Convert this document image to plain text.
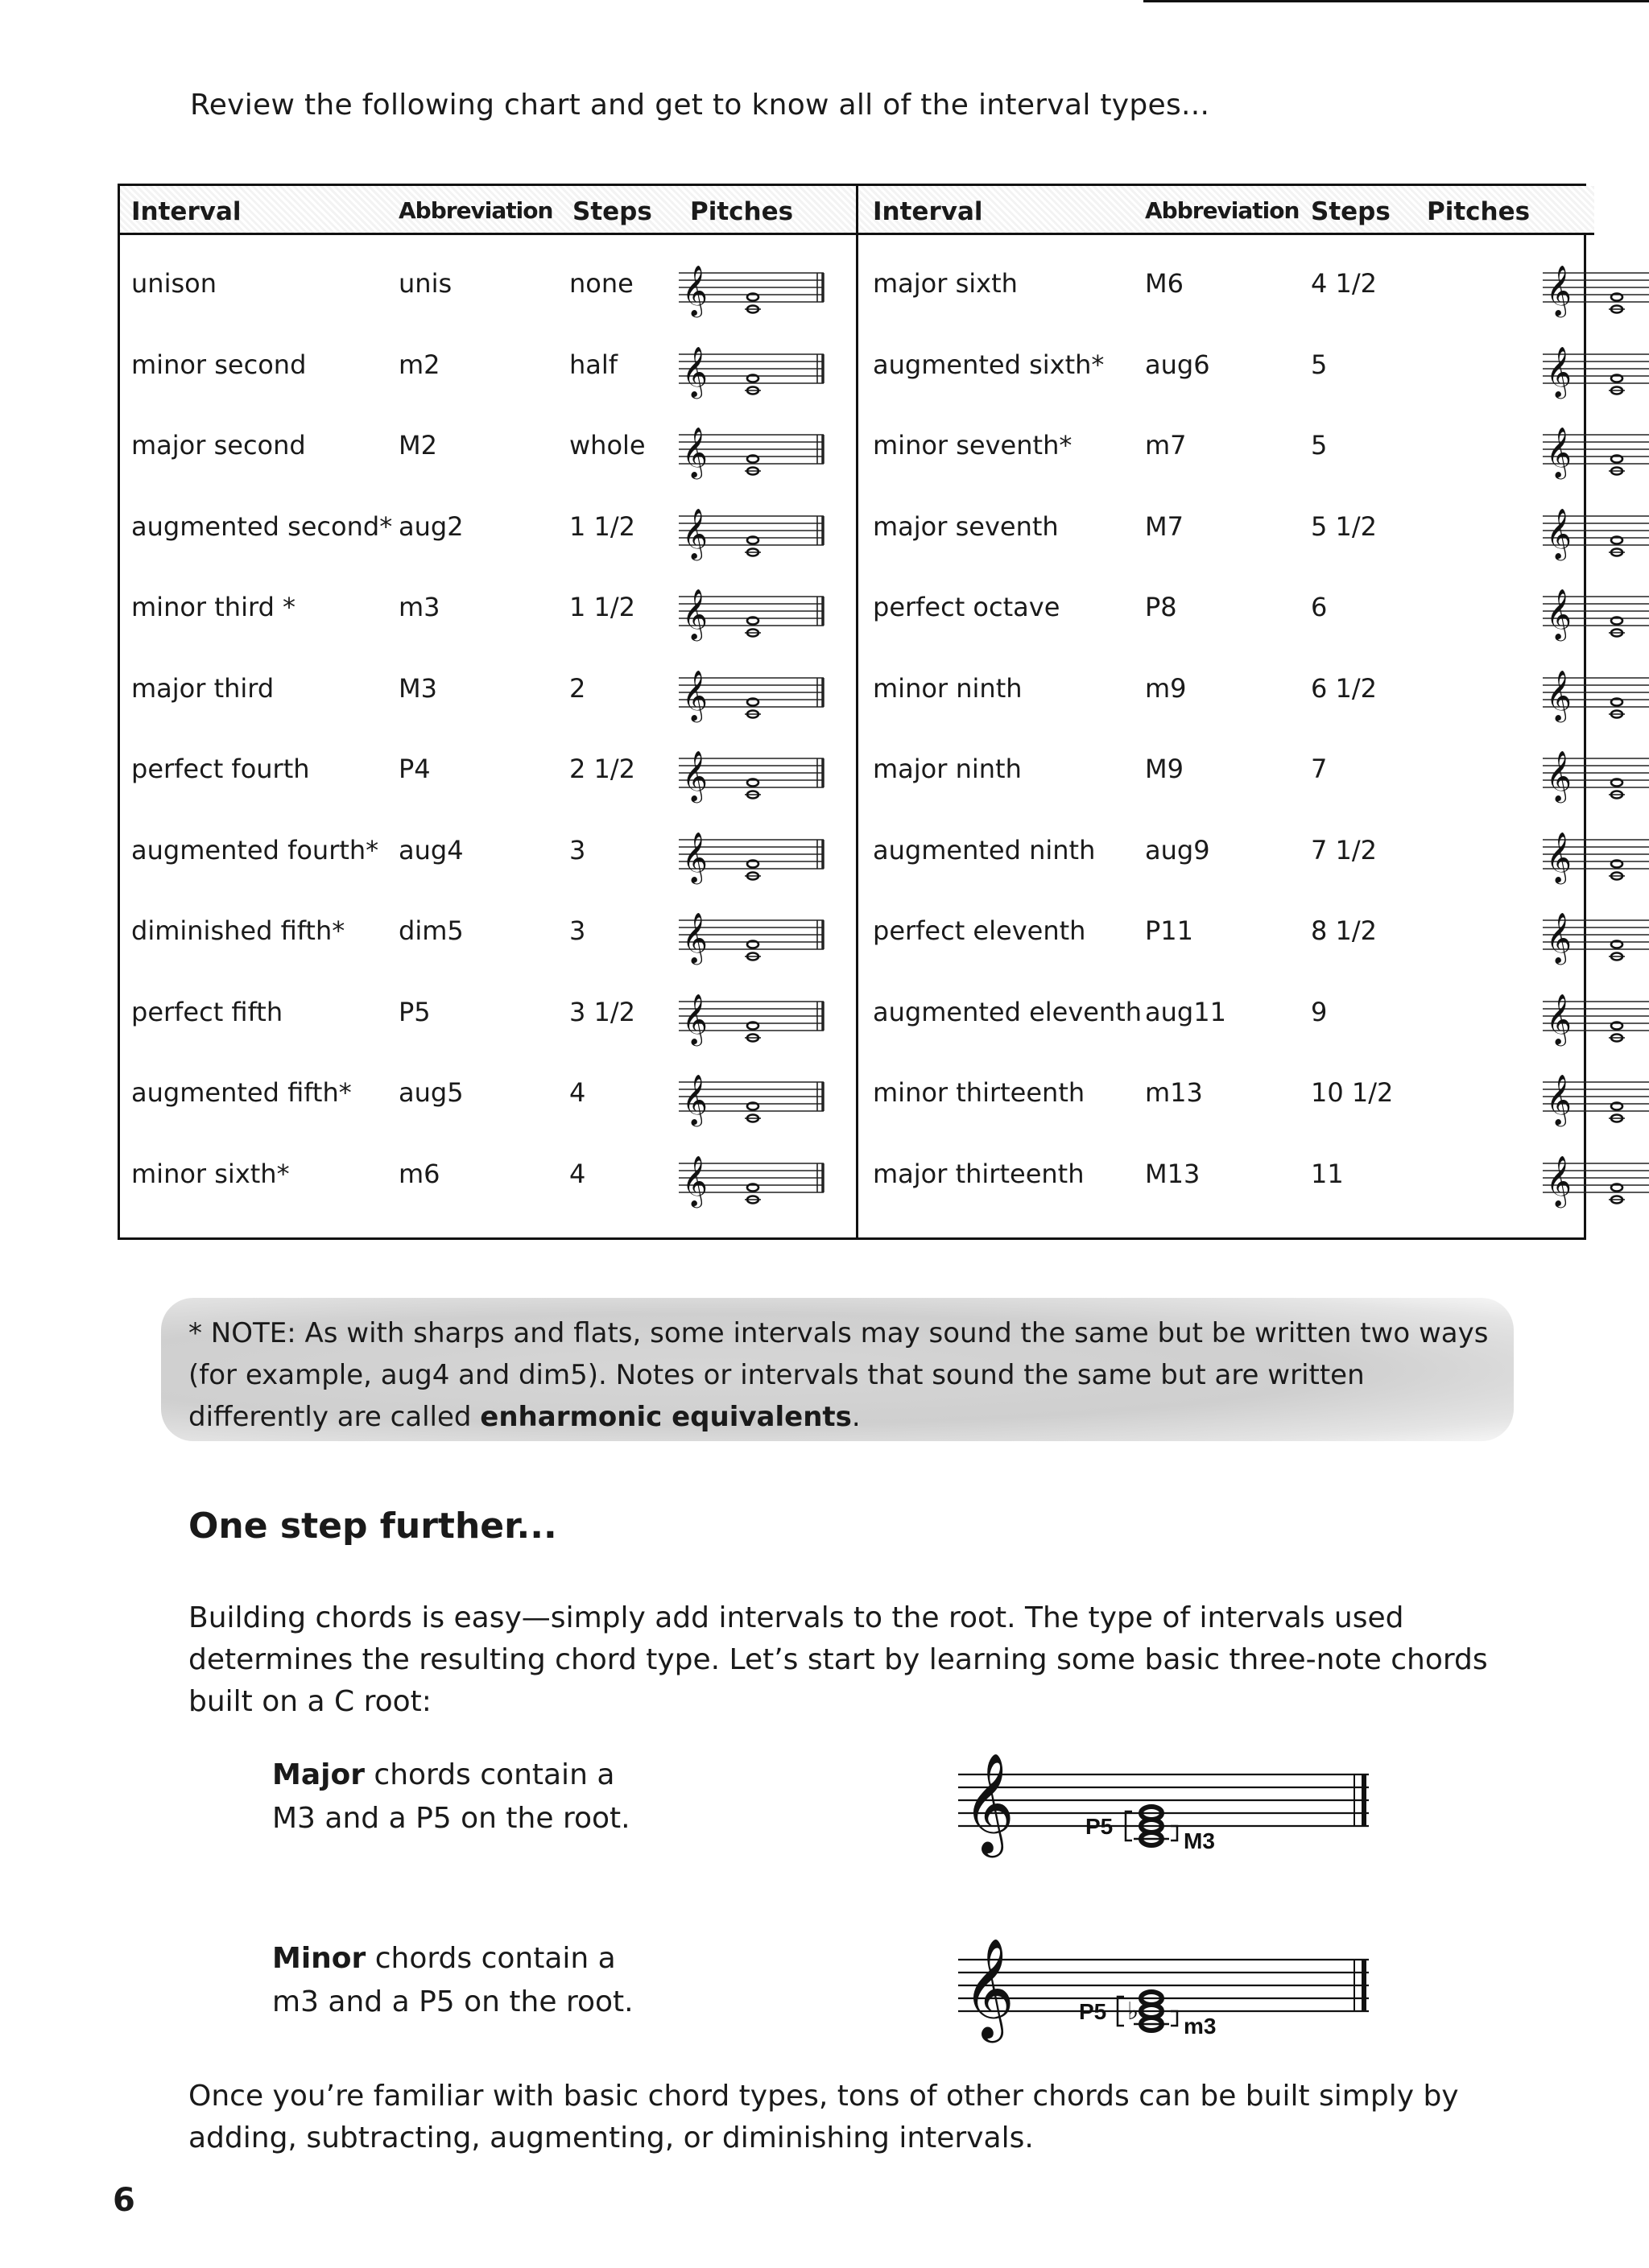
Review the following chart and get to know all of the interval types...
Interval	Abbreviation Steps Pitches
unison	unis	none 𝄞
minor second	m2	half 𝄞
major second	M2	whole 𝄞
augmented second* aug2	1 1/2 𝄞
minor third *	m3	1 1/2 𝄞
major third	M3	2 𝄞
perfect fourth	P4	2 1/2 𝄞
augmented fourth* aug4	3 𝄞
diminished fifth* dim5	3 𝄞
perfect fifth	P5	3 1/2 𝄞
augmented fifth* aug5	4 𝄞
minor sixth*	m6	4 𝄞
Interval	Abbreviation Steps Pitches
major sixth	M6	4 1/2	𝄞
augmented sixth* aug6	5	𝄞
minor seventh*	m7	5	𝄞
major seventh	M7	5 1/2	𝄞
perfect octave	P8	6	𝄞
minor ninth	m9	6 1/2	𝄞
major ninth	M9	7	𝄞
augmented ninth aug9	7 1/2	𝄞
perfect eleventh P11	8 1/2	𝄞
augmented eleventh aug11	9	𝄞
minor thirteenth m13	10 1/2	𝄞
major thirteenth M13	11	𝄞

* NOTE: As with sharps and flats, some intervals may sound the same but be written two ways (for example, aug4 and dim5). Notes or intervals that sound the same but are written differently are called enharmonic equivalents.

One step further...

Building chords is easy—simply add intervals to the root. The type of intervals used determines the resulting chord type. Let’s start by learning some basic three-note chords built on a C root:

Major chords contain a
M3 and a P5 on the root.

Minor chords contain a
m3 and a P5 on the root.

𝄞	P5
M3
𝄞	♭
P5
m3

Once you’re familiar with basic chord types, tons of other chords can be built simply by adding, subtracting, augmenting, or diminishing intervals.

6
